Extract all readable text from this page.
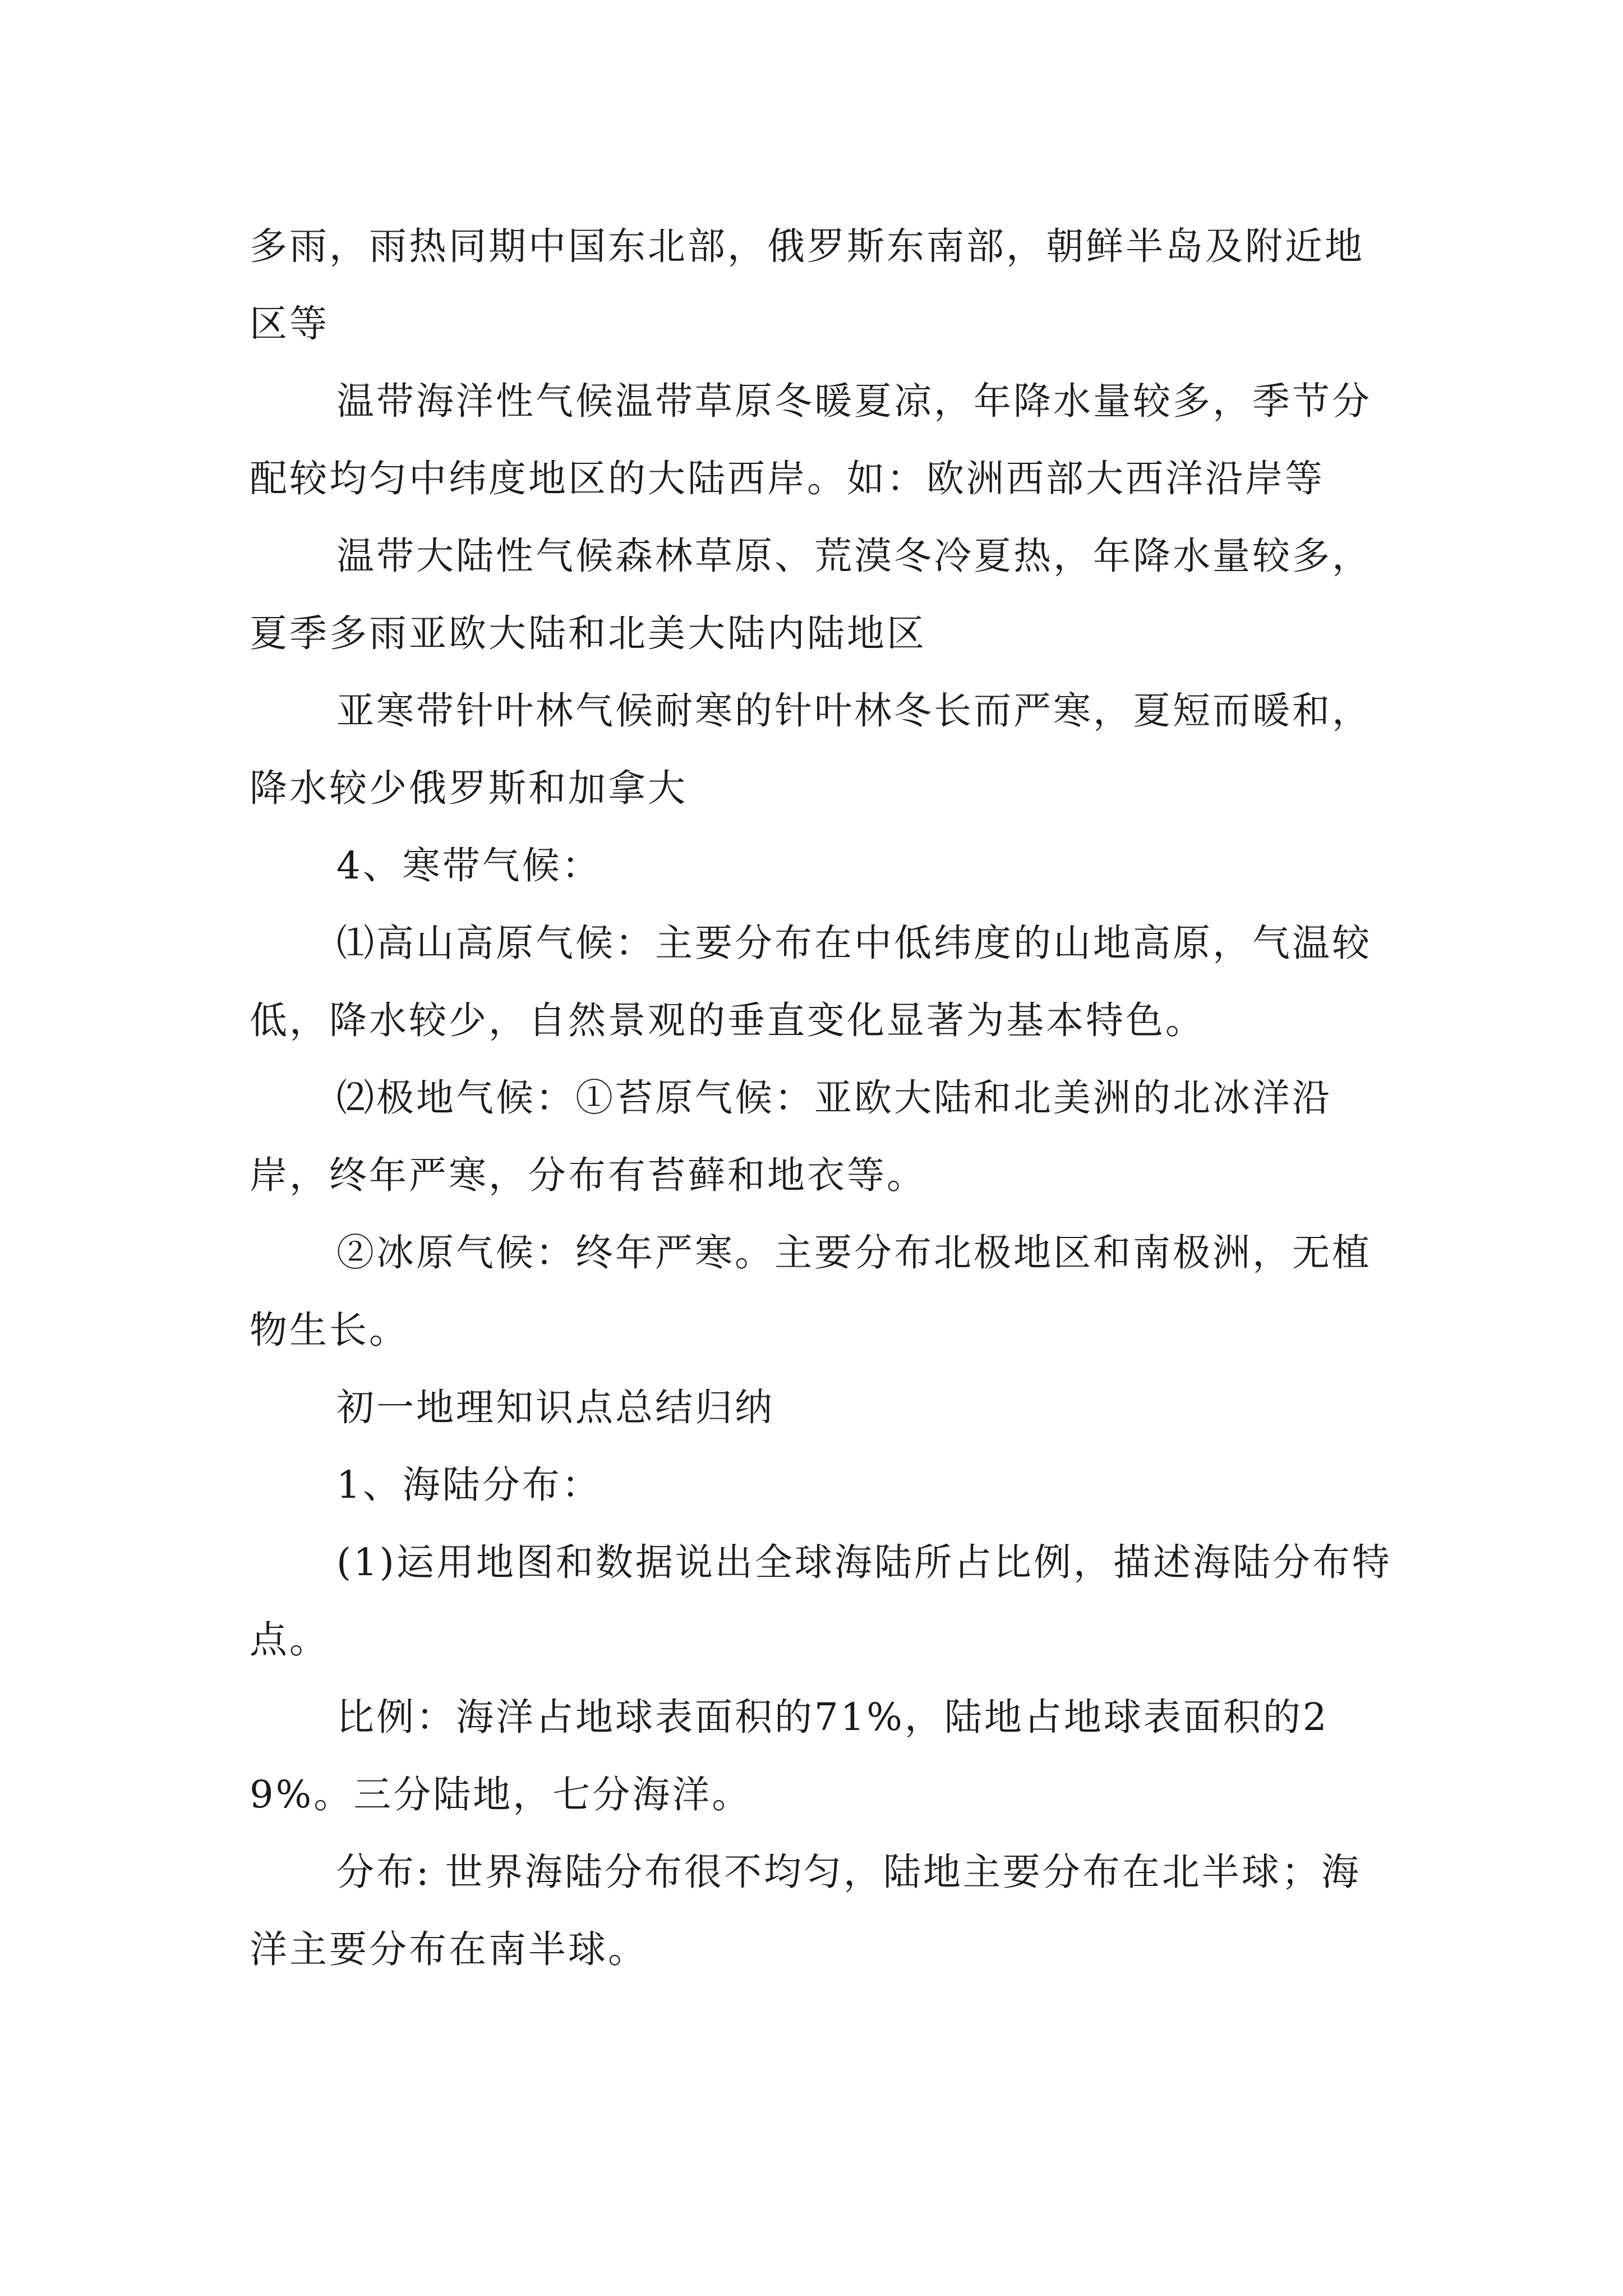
多雨，雨热同期中国东北部，俄罗斯东南部，朝鲜半岛及附近地区等

温带海洋性气候温带草原冬暖夏凉，年降水量较多，季节分配较均匀中纬度地区的大陆西岸。如：欧洲西部大西洋沿岸等

温带大陆性气候森林草原、荒漠冬冷夏热，年降水量较多，夏季多雨亚欧大陆和北美大陆内陆地区

亚寒带针叶林气候耐寒的针叶林冬长而严寒，夏短而暖和，降水较少俄罗斯和加拿大

4、寒带气候：

⑴高山高原气候：主要分布在中低纬度的山地高原，气温较低，降水较少，自然景观的垂直变化显著为基本特色。

⑵极地气候：①苔原气候：亚欧大陆和北美洲的北冰洋沿岸，终年严寒，分布有苔藓和地衣等。

②冰原气候：终年严寒。主要分布北极地区和南极洲，无植物生长。

初一地理知识点总结归纳

1、海陆分布：

(1)运用地图和数据说出全球海陆所占比例，描述海陆分布特点。

比例：海洋占地球表面积的71%，陆地占地球表面积的29%。三分陆地，七分海洋。

分布: 世界海陆分布很不均匀，陆地主要分布在北半球；海洋主要分布在南半球。
